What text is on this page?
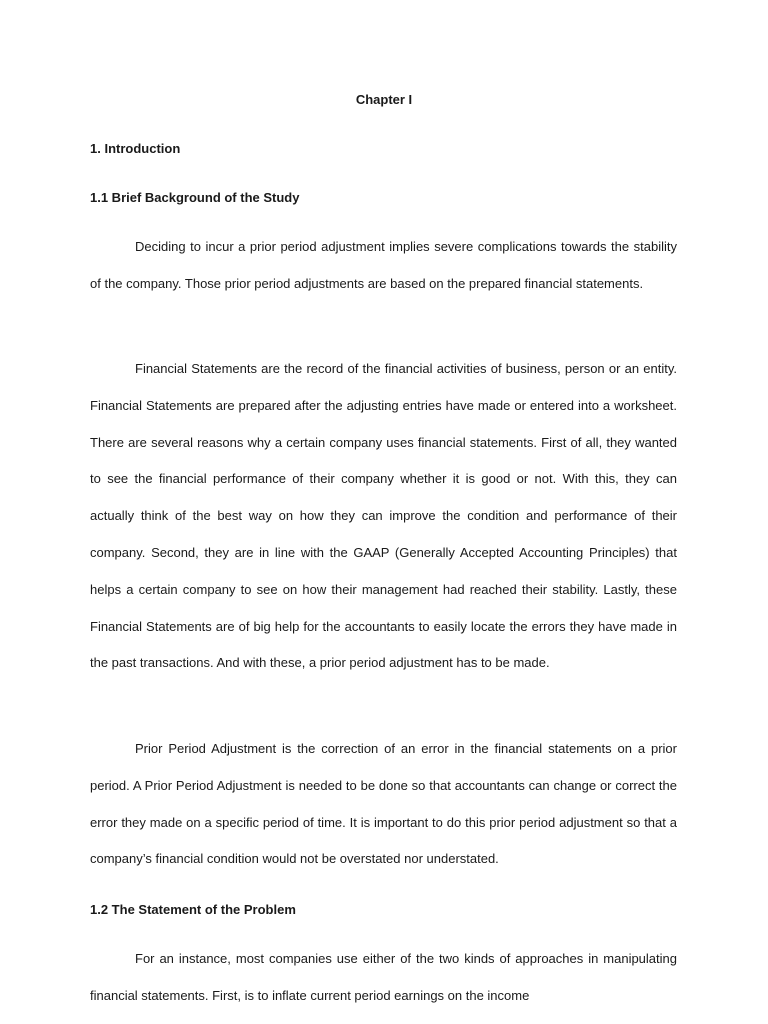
Chapter I
1. Introduction
1.1 Brief Background of the Study

Deciding to incur a prior period adjustment implies severe complications towards the stability of the company. Those prior period adjustments are based on the prepared financial statements.

Financial Statements are the record of the financial activities of business, person or an entity. Financial Statements are prepared after the adjusting entries have made or entered into a worksheet. There are several reasons why a certain company uses financial statements. First of all, they wanted to see the financial performance of their company whether it is good or not. With this, they can actually think of the best way on how they can improve the condition and performance of their company. Second, they are in line with the GAAP (Generally Accepted Accounting Principles) that helps a certain company to see on how their management had reached their stability. Lastly, these Financial Statements are of big help for the accountants to easily locate the errors they have made in the past transactions. And with these, a prior period adjustment has to be made.

Prior Period Adjustment is the correction of an error in the financial statements on a prior period. A Prior Period Adjustment is needed to be done so that accountants can change or correct the error they made on a specific period of time. It is important to do this prior period adjustment so that a company’s financial condition would not be overstated nor understated.

1.2 The Statement of the Problem

For an instance, most companies use either of the two kinds of approaches in manipulating financial statements. First, is to inflate current period earnings on the income
